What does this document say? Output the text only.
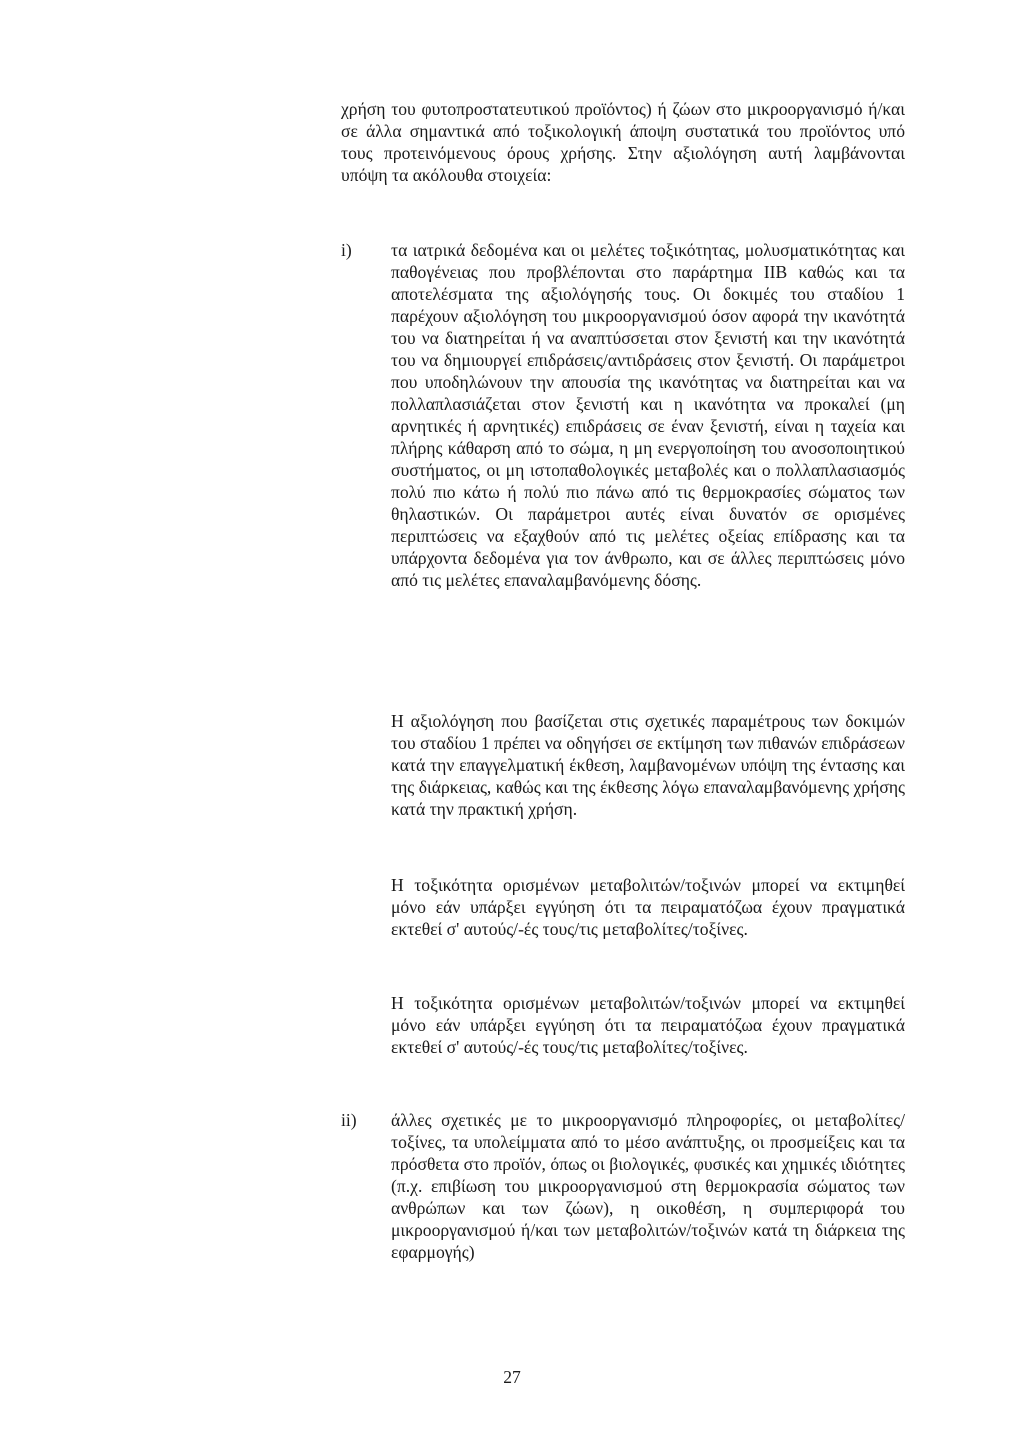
χρήση του φυτοπροστατευτικού προϊόντος) ή ζώων στο μικροοργανισμό ή/και σε άλλα σημαντικά από τοξικολογική άποψη συστατικά του προϊόντος υπό τους προτεινόμενους όρους χρήσης. Στην αξιολόγηση αυτή λαμβάνονται υπόψη τα ακόλουθα στοιχεία:

i) τα ιατρικά δεδομένα και οι μελέτες τοξικότητας, μολυσματικότητας και παθογένειας που προβλέπονται στο παράρτημα IIB καθώς και τα αποτελέσματα της αξιολόγησής τους. Οι δοκιμές του σταδίου 1 παρέχουν αξιολόγηση του μικροοργανισμού όσον αφορά την ικανότητά του να διατηρείται ή να αναπτύσσεται στον ξενιστή και την ικανότητά του να δημιουργεί επιδράσεις/αντιδράσεις στον ξενιστή. Οι παράμετροι που υποδηλώνουν την απουσία της ικανότητας να διατηρείται και να πολλαπλασιάζεται στον ξενιστή και η ικανότητα να προκαλεί (μη αρνητικές ή αρνητικές) επιδράσεις σε έναν ξενιστή, είναι η ταχεία και πλήρης κάθαρση από το σώμα, η μη ενεργοποίηση του ανοσοποιητικού συστήματος, οι μη ιστοπαθολογικές μεταβολές και ο πολλαπλασιασμός πολύ πιο κάτω ή πολύ πιο πάνω από τις θερμοκρασίες σώματος των θηλαστικών. Οι παράμετροι αυτές είναι δυνατόν σε ορισμένες περιπτώσεις να εξαχθούν από τις μελέτες οξείας επίδρασης και τα υπάρχοντα δεδομένα για τον άνθρωπο, και σε άλλες περιπτώσεις μόνο από τις μελέτες επαναλαμβανόμενης δόσης.

Η αξιολόγηση που βασίζεται στις σχετικές παραμέτρους των δοκιμών του σταδίου 1 πρέπει να οδηγήσει σε εκτίμηση των πιθανών επιδράσεων κατά την επαγγελματική έκθεση, λαμβανομένων υπόψη της έντασης και της διάρκειας, καθώς και της έκθεσης λόγω επαναλαμβανόμενης χρήσης κατά την πρακτική χρήση.

Η τοξικότητα ορισμένων μεταβολιτών/τοξινών μπορεί να εκτιμηθεί μόνο εάν υπάρξει εγγύηση ότι τα πειραματόζωα έχουν πραγματικά εκτεθεί σ' αυτούς/-ές τους/τις μεταβολίτες/τοξίνες.

Η τοξικότητα ορισμένων μεταβολιτών/τοξινών μπορεί να εκτιμηθεί μόνο εάν υπάρξει εγγύηση ότι τα πειραματόζωα έχουν πραγματικά εκτεθεί σ' αυτούς/-ές τους/τις μεταβολίτες/τοξίνες.

ii) άλλες σχετικές με το μικροοργανισμό πληροφορίες, οι μεταβολίτες/τοξίνες, τα υπολείμματα από το μέσο ανάπτυξης, οι προσμείξεις και τα πρόσθετα στο προϊόν, όπως οι βιολογικές, φυσικές και χημικές ιδιότητες (π.χ. επιβίωση του μικροοργανισμού στη θερμοκρασία σώματος των ανθρώπων και των ζώων), η οικοθέση, η συμπεριφορά του μικροοργανισμού ή/και των μεταβολιτών/τοξινών κατά τη διάρκεια της εφαρμογής)

27
